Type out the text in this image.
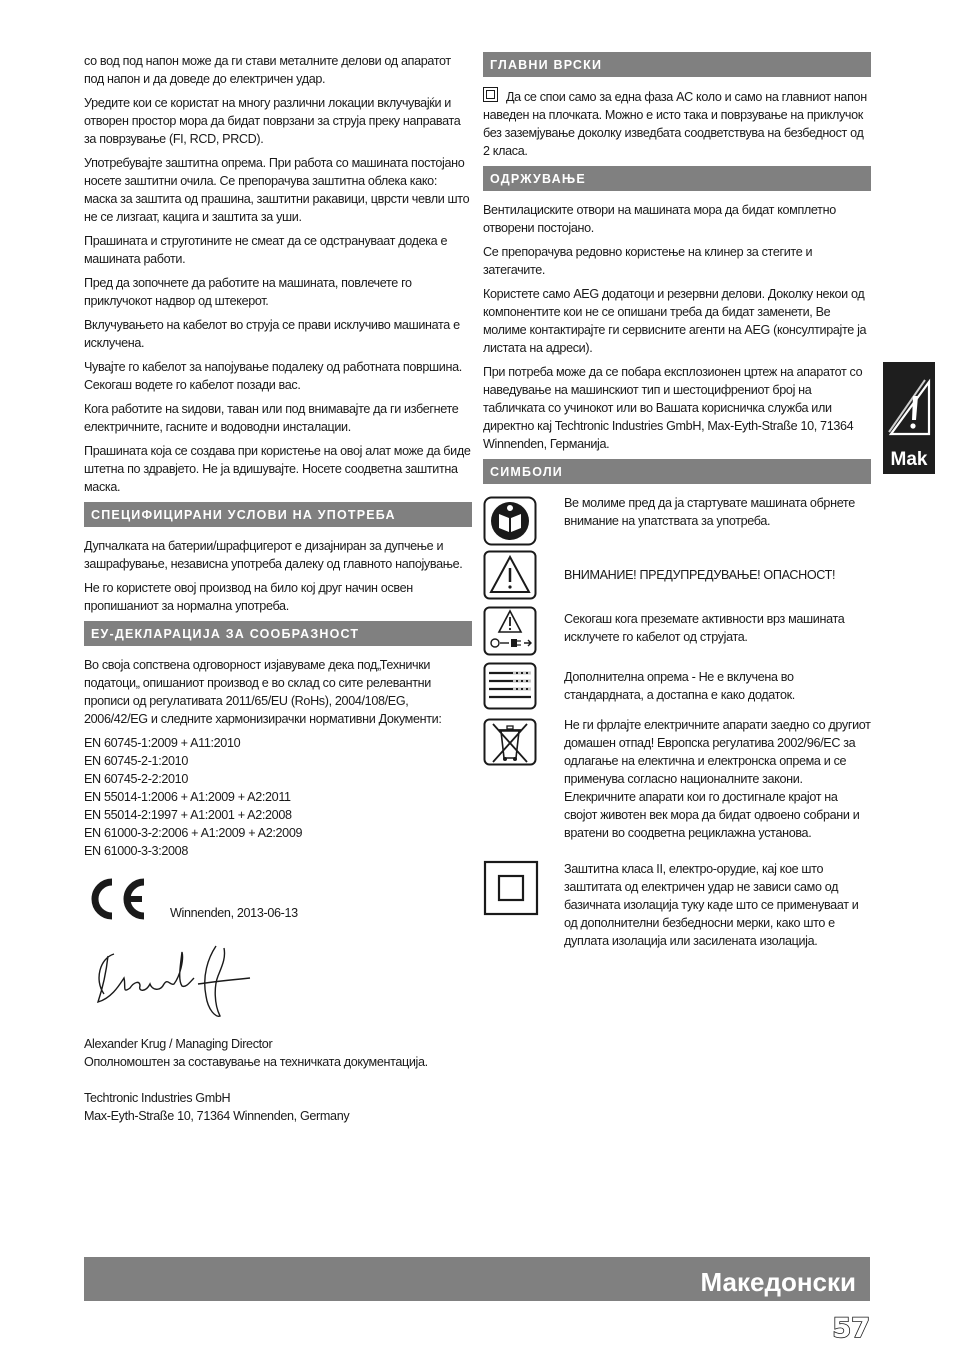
со вод под напон може да ги стави металните делови од апаратот под напон и да доведе до електричен удар.

Уредите кои се користат на многу различни локации вклучувајќи и отворен простор мора да бидат поврзани за струја преку направата за поврзување (FI, RCD, PRCD).

Употребувајте заштитна опрема. При работа со машината постојано носете заштитни очила. Се препорачува заштитна облека како: маска за заштита од прашина, заштитни ракавици, цврсти чевли што не се лизгаат, кацига и заштита за уши.

Прашината и струготините не смеат да се одстрануваат додека е машината работи.

Пред да зопочнете да работите на машината, повлечете го приклучокот надвор од штекерот.

Вклучувањето на кабелот во струја се прави исклучиво машината е исклучена.

Чувајте го кабелот за напојување подалеку од работната површина. Секогаш водете го кабелот позади вас.

Кога работите на ѕидови, таван или под внимавајте да ги избегнете електричните, гасните и водоводни инсталации.

Прашината која се создава при користење на овој алат може да биде штетна по здравјето. Не ја вдишувајте. Носете соодветна заштитна маска.

СПЕЦИФИЦИРАНИ УСЛОВИ НА УПОТРЕБА

Дупчалката на батерии/шрафцигерот е дизајниран за дупчење и зашрафување, независна употреба далеку од главното напојување.

Не го користете овој производ на било кој друг начин освен пропишаниот за нормална употреба.

ЕУ-ДЕКЛАРАЦИЈА ЗА СООБРАЗНОСТ

Во своја сопствена одговорност изјавуваме дека под„Технички податоци„ опишаниот производ е во склад со сите релевантни прописи од регулативата 2011/65/EU (RoHs), 2004/108/EG, 2006/42/EG и следните хармонизирачки нормативни Документи:

EN 60745-1:2009 + A11:2010
EN 60745-2-1:2010
EN 60745-2-2:2010
EN 55014-1:2006 + A1:2009 + A2:2011
EN 55014-2:1997 + A1:2001 + A2:2008
EN 61000-3-2:2006 + A1:2009 + A2:2009
EN 61000-3-3:2008
Winnenden, 2013-06-13
Alexander Krug / Managing Director
Ополномоштен за составување на техничката документација.
Techtronic Industries GmbH
Max-Eyth-Straße 10, 71364 Winnenden, Germany
ГЛАВНИ ВРСКИ

Да се спои само за една фаза AC коло и само на главниот напон наведен на плочката. Можно е исто така и поврзување на приклучок без заземјување доколку изведбата соодветствува на безбедност од 2 класа.

ОДРЖУВАЊЕ

Вентилациските отвори на машината мора да бидат комплетно отворени постојано.

Се препорачува редовно користење на клинер за стегите и затегачите.

Користете само AEG додатоци и резервни делови. Доколку некои од компонентите кои не се опишани треба да бидат заменети, Ве молиме контактирајте ги сервисните агенти на AEG (консултирајте ја листата на адреси).

При потреба може да се побара експлозионен цртеж на апаратот со наведување на машинскиот тип и шестоцифрениот број на табличката со учинокот или во Вашата корисничка служба или директно кај Techtronic Industries GmbH, Max-Eyth-Straße 10, 71364 Winnenden, Германија.

СИМБОЛИ
Ве молиме пред да ја стартувате машината обрнете внимание на упатствата за употреба.
ВНИМАНИЕ! ПРЕДУПРЕДУВАЊЕ! ОПАСНОСТ!
Секогаш кога преземате активности врз машината исклучете го кабелот од струјата.
Дополнителна опрема - Не е вклучена во стандардната, а достапна е како додаток.
Не ги фрлајте електричните апарати заедно со другиот домашен отпад! Европска регулатива 2002/96/EC за одлагање на електична и електронска опрема и се применува согласно националните закони. Елекричните апарати кои го достигнале крајот на својот животен век мора да бидат одвоено собрани и вратени во соодветна рециклажна установа.
Заштитна класа II, електро-орудие, кај кое што заштитата од електричен удар не зависи само од базичната изолација туку каде што се применуваат и од дополнителни безбедносни мерки, како што е дуплата изолација или засилената изолација.
Mak
Македонски
57
